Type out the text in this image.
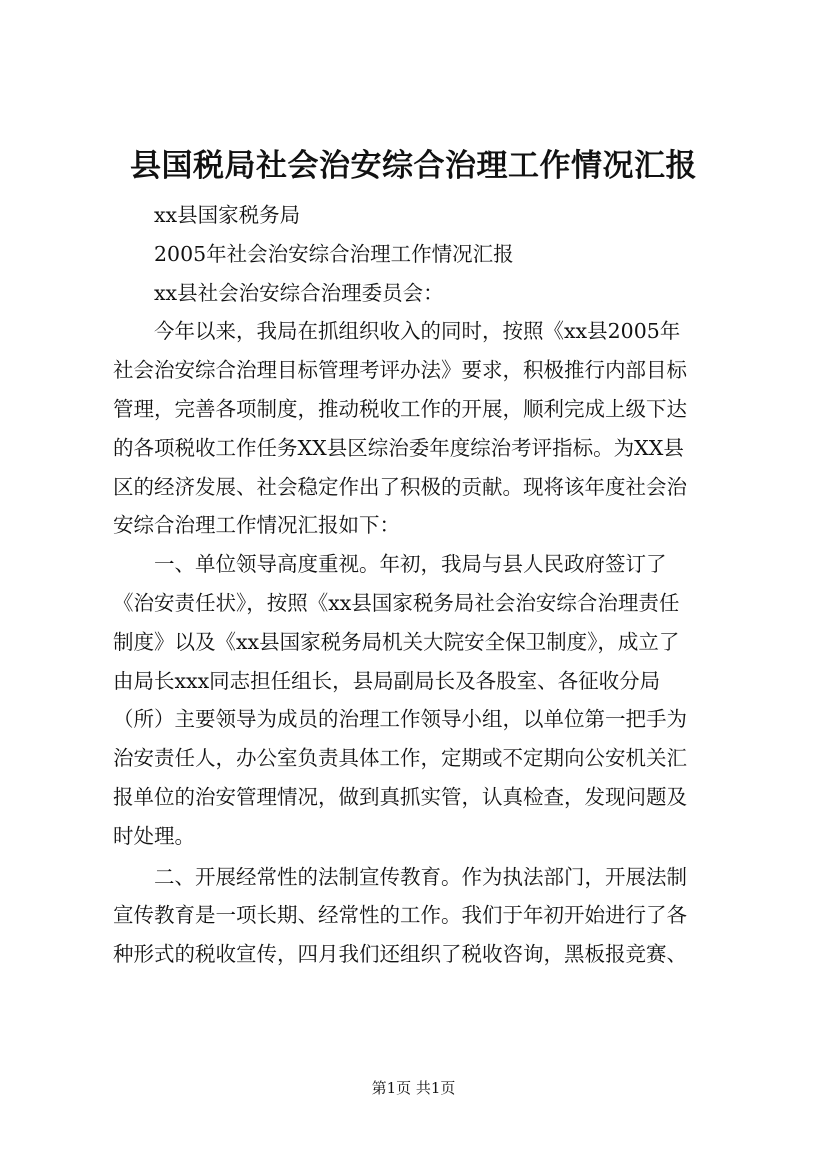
县国税局社会治安综合治理工作情况汇报
xx县国家税务局
2005年社会治安综合治理工作情况汇报
xx县社会治安综合治理委员会：
今年以来，我局在抓组织收入的同时，按照《xx县2005年
社会治安综合治理目标管理考评办法》要求，积极推行内部目标
管理，完善各项制度，推动税收工作的开展，顺利完成上级下达
的各项税收工作任务XX县区综治委年度综治考评指标。为XX县
区的经济发展、社会稳定作出了积极的贡献。现将该年度社会治
安综合治理工作情况汇报如下：
一、单位领导高度重视。年初，我局与县人民政府签订了
《治安责任状》，按照《xx县国家税务局社会治安综合治理责任
制度》以及《xx县国家税务局机关大院安全保卫制度》，成立了
由局长xxx同志担任组长，县局副局长及各股室、各征收分局
（所）主要领导为成员的治理工作领导小组，以单位第一把手为
治安责任人，办公室负责具体工作，定期或不定期向公安机关汇
报单位的治安管理情况，做到真抓实管，认真检查，发现问题及
时处理。
二、开展经常性的法制宣传教育。作为执法部门，开展法制
宣传教育是一项长期、经常性的工作。我们于年初开始进行了各
种形式的税收宣传，四月我们还组织了税收咨询，黑板报竞赛、
第1页 共1页
